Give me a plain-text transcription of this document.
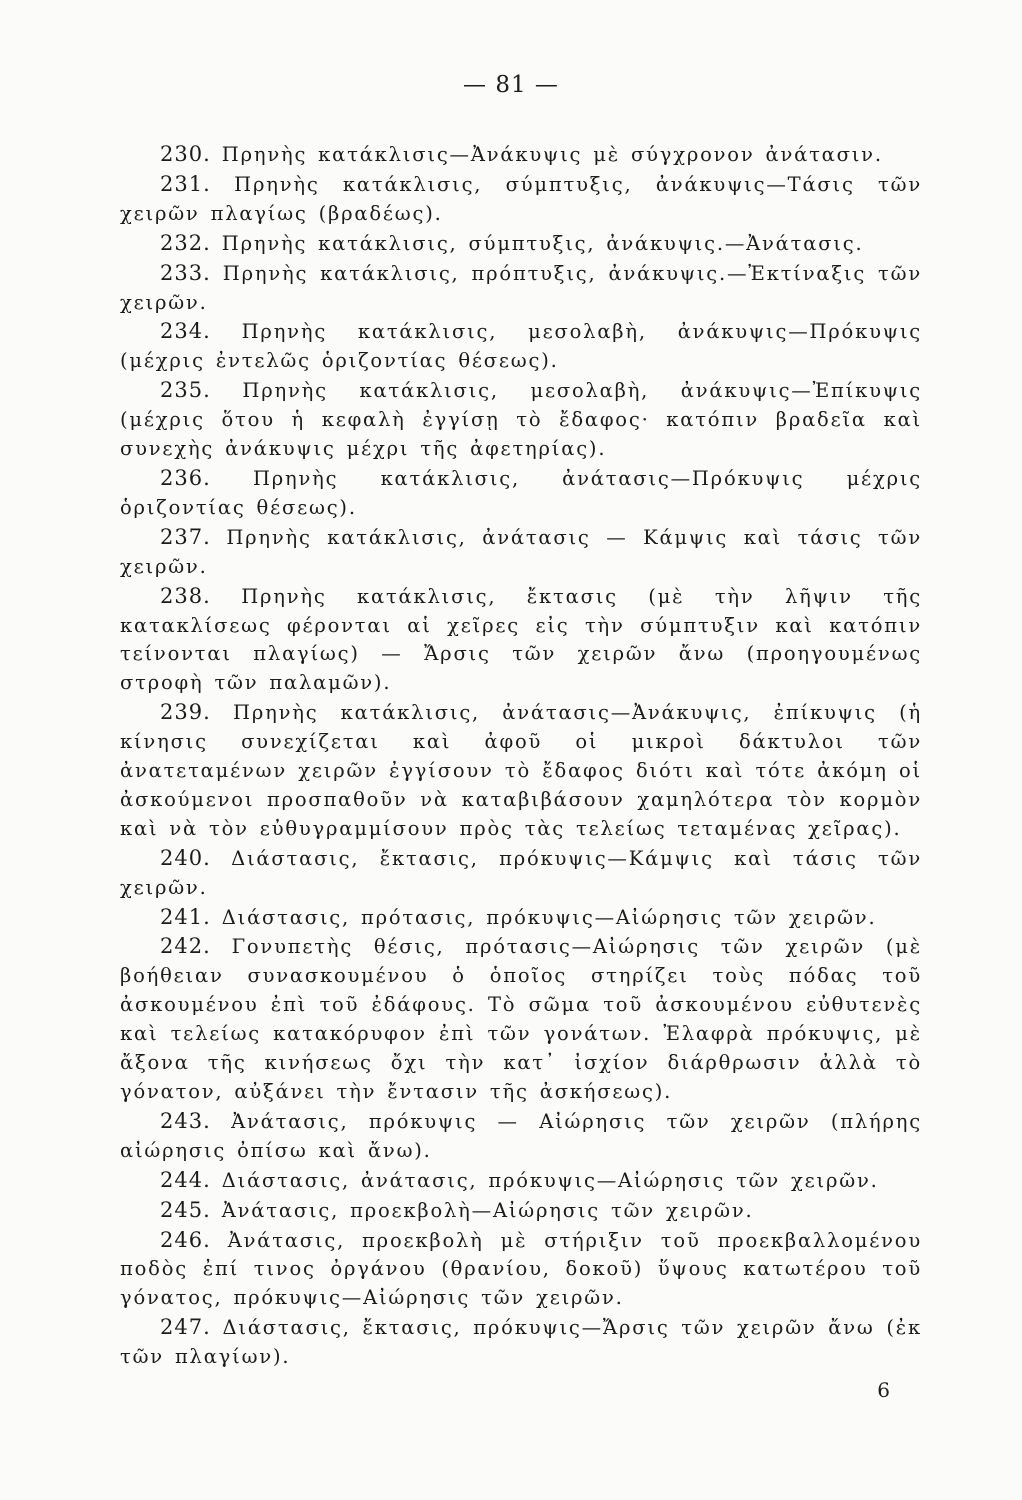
— 81 —

230. Πρηνὴς κατάκλισις—Ἀνάκυψις μὲ σύγχρονον ἀνάτασιν.

231. Πρηνὴς κατάκλισις, σύμπτυξις, ἀνάκυψις—Τάσις τῶν χειρῶν πλαγίως (βραδέως).

232. Πρηνὴς κατάκλισις, σύμπτυξις, ἀνάκυψις.—Ἀνάτασις.

233. Πρηνὴς κατάκλισις, πρόπτυξις, ἀνάκυψις.—Ἐκτίναξις τῶν χειρῶν.

234. Πρηνὴς κατάκλισις, μεσολαβὴ, ἀνάκυψις—Πρόκυψις (μέχρις ἐντελῶς ὁριζοντίας θέσεως).

235. Πρηνὴς κατάκλισις, μεσολαβὴ, ἀνάκυψις—Ἐπίκυψις (μέχρις ὅτου ἡ κεφαλὴ ἐγγίσῃ τὸ ἔδαφος· κατόπιν βραδεῖα καὶ συνεχὴς ἀνάκυψις μέχρι τῆς ἀφετηρίας).

236. Πρηνὴς κατάκλισις, ἀνάτασις—Πρόκυψις μέχρις ὁριζοντίας θέσεως).

237. Πρηνὴς κατάκλισις, ἀνάτασις — Κάμψις καὶ τάσις τῶν χειρῶν.

238. Πρηνὴς κατάκλισις, ἔκτασις (μὲ τὴν λῆψιν τῆς κατακλίσεως φέρονται αἱ χεῖρες εἰς τὴν σύμπτυξιν καὶ κατόπιν τείνονται πλαγίως) — Ἄρσις τῶν χειρῶν ἄνω (προηγουμένως στροφὴ τῶν παλαμῶν).

239. Πρηνὴς κατάκλισις, ἀνάτασις—Ἀνάκυψις, ἐπίκυψις (ἡ κίνησις συνεχίζεται καὶ ἀφοῦ οἱ μικροὶ δάκτυλοι τῶν ἀνατεταμένων χειρῶν ἐγγίσουν τὸ ἔδαφος διότι καὶ τότε ἀκόμη οἱ ἀσκούμενοι προσπαθοῦν νὰ καταβιβάσουν χαμηλότερα τὸν κορμὸν καὶ νὰ τὸν εὐθυγραμμίσουν πρὸς τὰς τελείως τεταμένας χεῖρας).

240. Διάστασις, ἔκτασις, πρόκυψις—Κάμψις καὶ τάσις τῶν χειρῶν.

241. Διάστασις, πρότασις, πρόκυψις—Αἰώρησις τῶν χειρῶν.

242. Γονυπετὴς θέσις, πρότασις—Αἰώρησις τῶν χειρῶν (μὲ βοήθειαν συνασκουμένου ὁ ὁποῖος στηρίζει τοὺς πόδας τοῦ ἀσκουμένου ἐπὶ τοῦ ἐδάφους. Τὸ σῶμα τοῦ ἀσκουμένου εὐθυτενὲς καὶ τελείως κατακόρυφον ἐπὶ τῶν γονάτων. Ἐλαφρὰ πρόκυψις, μὲ ἄξονα τῆς κινήσεως ὄχι τὴν κατ᾽ ἰσχίον διάρθρωσιν ἀλλὰ τὸ γόνατον, αὐξάνει τὴν ἔντασιν τῆς ἀσκήσεως).

243. Ἀνάτασις, πρόκυψις — Αἰώρησις τῶν χειρῶν (πλήρης αἰώρησις ὀπίσω καὶ ἄνω).

244. Διάστασις, ἀνάτασις, πρόκυψις—Αἰώρησις τῶν χειρῶν.

245. Ἀνάτασις, προεκβολὴ—Αἰώρησις τῶν χειρῶν.

246. Ἀνάτασις, προεκβολὴ μὲ στήριξιν τοῦ προεκβαλλομένου ποδὸς ἐπί τινος ὀργάνου (θρανίου, δοκοῦ) ὕψους κατωτέρου τοῦ γόνατος, πρόκυψις—Αἰώρησις τῶν χειρῶν.

247. Διάστασις, ἔκτασις, πρόκυψις—Ἄρσις τῶν χειρῶν ἄνω (ἐκ τῶν πλαγίων).

6
